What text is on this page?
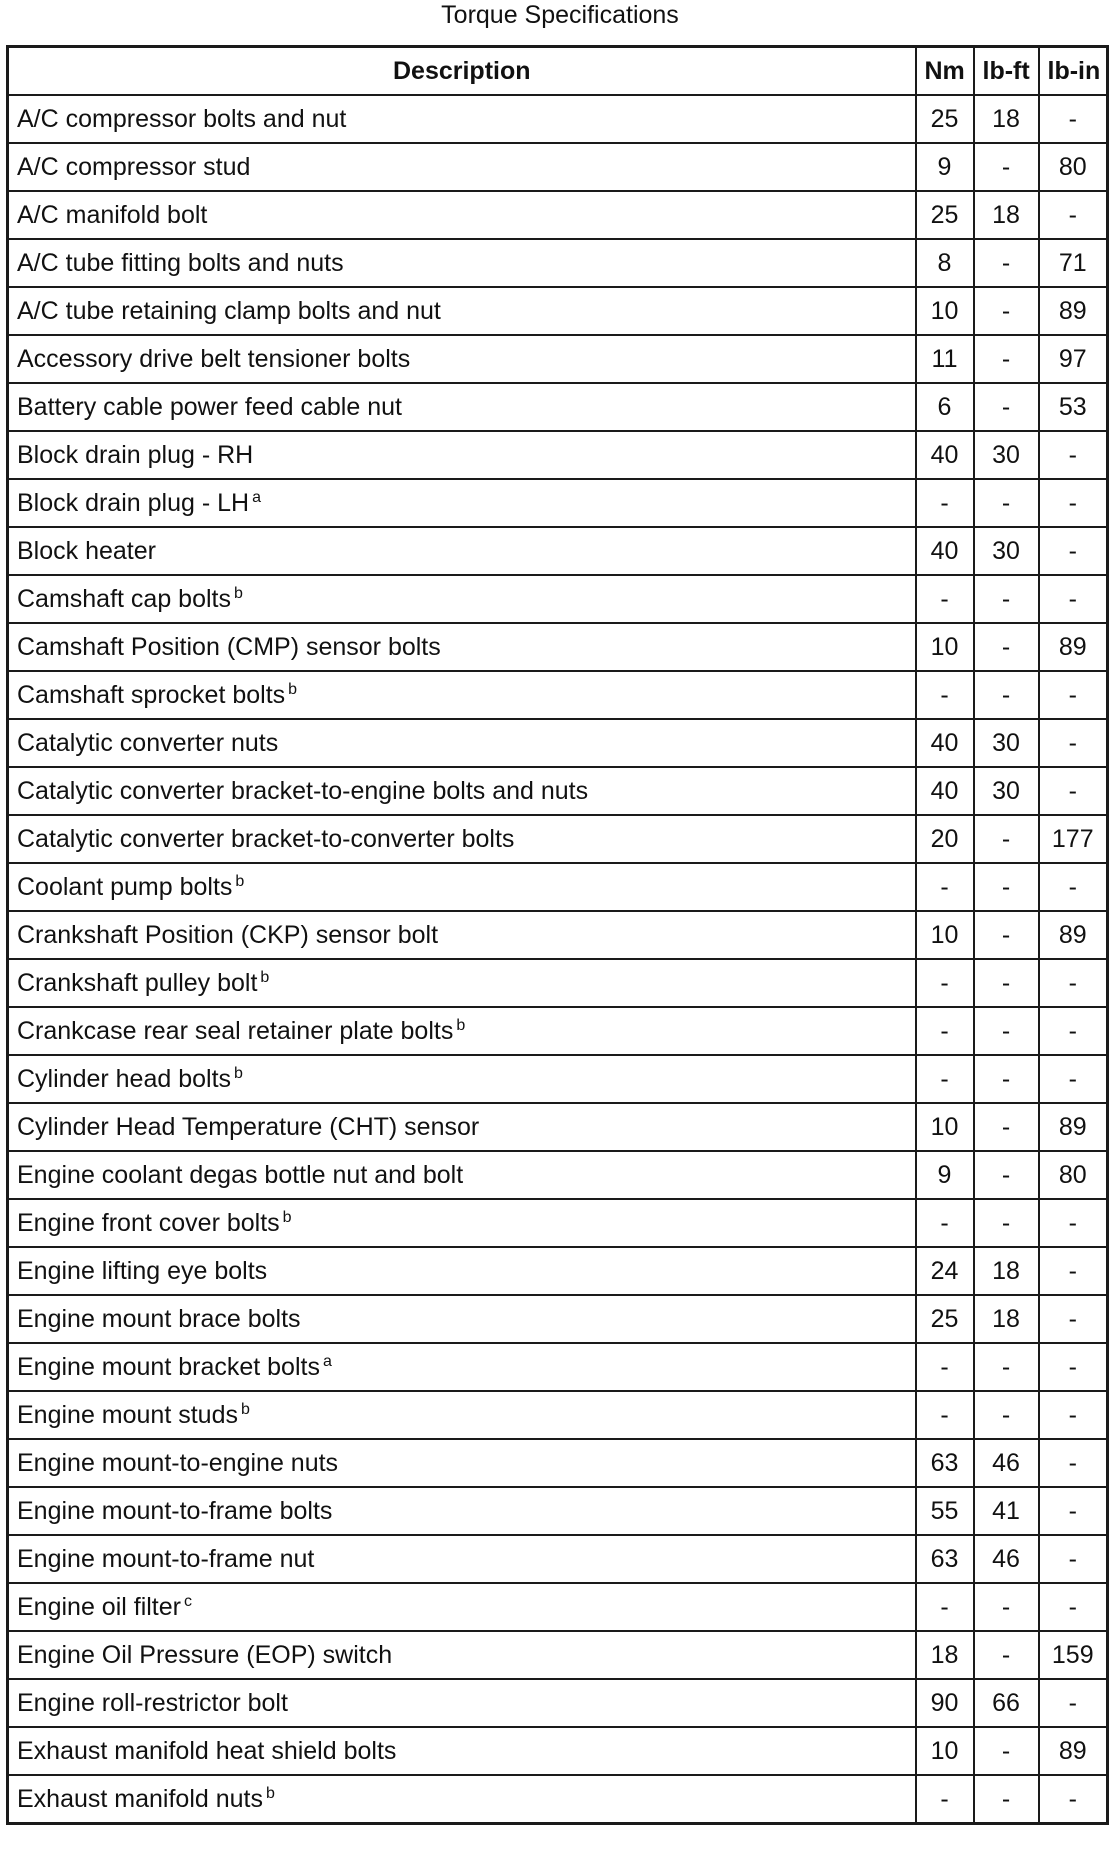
Torque Specifications
Description	Nm	lb-ft	lb-in
A/C compressor bolts and nut	25	18	-
A/C compressor stud	9	-	80
A/C manifold bolt	25	18	-
A/C tube fitting bolts and nuts	8	-	71
A/C tube retaining clamp bolts and nut	10	-	89
Accessory drive belt tensioner bolts	11	-	97
Battery cable power feed cable nut	6	-	53
Block drain plug - RH	40	30	-
Block drain plug - LH $^a$	-	-	-
Block heater	40	30	-
Camshaft cap bolts $^b$	-	-	-
Camshaft Position (CMP) sensor bolts	10	-	89
Camshaft sprocket bolts $^b$	-	-	-
Catalytic converter nuts	40	30	-
Catalytic converter bracket-to-engine bolts and nuts	40	30	-
Catalytic converter bracket-to-converter bolts	20	-	177
Coolant pump bolts $^b$	-	-	-
Crankshaft Position (CKP) sensor bolt	10	-	89
Crankshaft pulley bolt $^b$	-	-	-
Crankcase rear seal retainer plate bolts $^b$	-	-	-
Cylinder head bolts $^b$	-	-	-
Cylinder Head Temperature (CHT) sensor	10	-	89
Engine coolant degas bottle nut and bolt	9	-	80
Engine front cover bolts $^b$	-	-	-
Engine lifting eye bolts	24	18	-
Engine mount brace bolts	25	18	-
Engine mount bracket bolts $^a$	-	-	-
Engine mount studs $^b$	-	-	-
Engine mount-to-engine nuts	63	46	-
Engine mount-to-frame bolts	55	41	-
Engine mount-to-frame nut	63	46	-
Engine oil filter $^c$	-	-	-
Engine Oil Pressure (EOP) switch	18	-	159
Engine roll-restrictor bolt	90	66	-
Exhaust manifold heat shield bolts	10	-	89
Exhaust manifold nuts $^b$	-	-	-
